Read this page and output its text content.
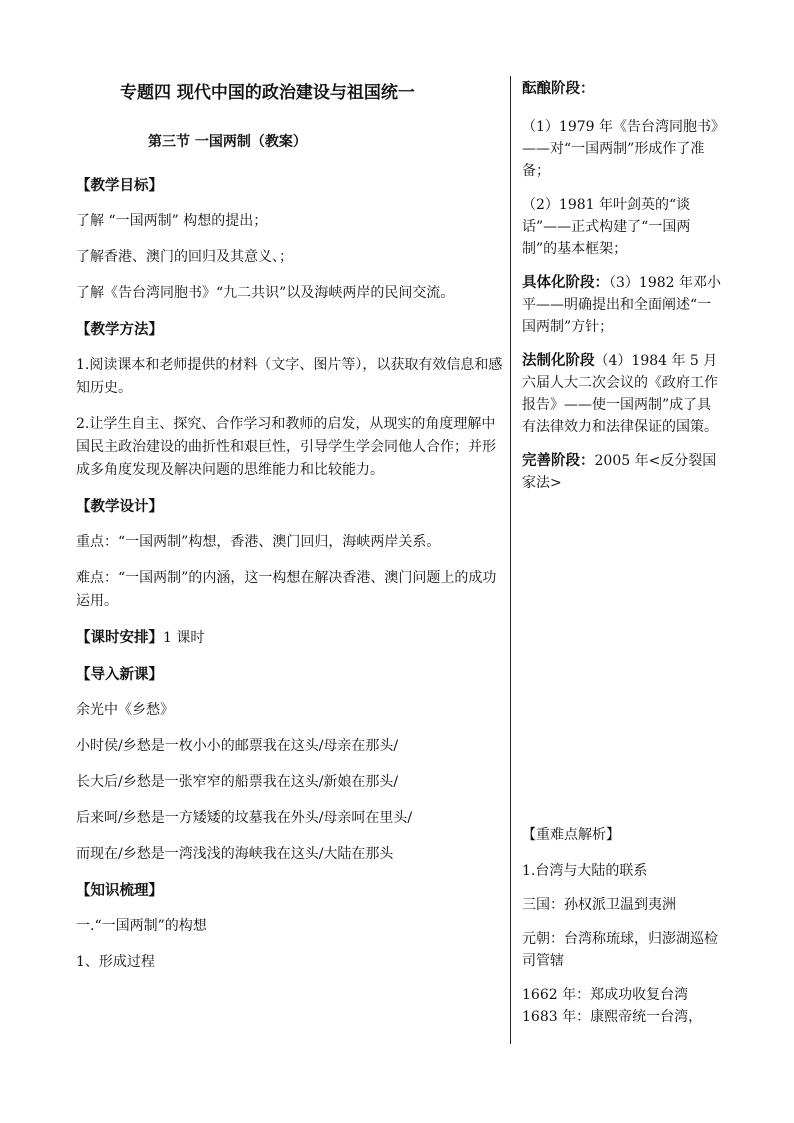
专题四 现代中国的政治建设与祖国统一

第三节 一国两制（教案）

【教学目标】

了解 “一国两制” 构想的提出；

了解香港、澳门的回归及其意义、；

了解《告台湾同胞书》“九二共识”以及海峡两岸的民间交流。

【教学方法】

1.阅读课本和老师提供的材料（文字、图片等），以获取有效信息和感知历史。

2.让学生自主、探究、合作学习和教师的启发，从现实的角度理解中国民主政治建设的曲折性和艰巨性，引导学生学会同他人合作；并形成多角度发现及解决问题的思维能力和比较能力。

【教学设计】

重点：“一国两制”构想，香港、澳门回归，海峡两岸关系。

难点：“一国两制”的内涵，这一构想在解决香港、澳门问题上的成功运用。

【课时安排】1 课时

【导入新课】

余光中《乡愁》

小时侯/乡愁是一枚小小的邮票我在这头/母亲在那头/

长大后/乡愁是一张窄窄的船票我在这头/新娘在那头/

后来呵/乡愁是一方矮矮的坟墓我在外头/母亲呵在里头/

而现在/乡愁是一湾浅浅的海峡我在这头/大陆在那头

【知识梳理】

一.“一国两制”的构想

1、形成过程

酝酿阶段：

（1）1979 年《告台湾同胞书》——对“一国两制”形成作了准备；

（2）1981 年叶剑英的“谈话”——正式构建了“一国两制”的基本框架；

具体化阶段：（3）1982 年邓小平——明确提出和全面阐述“一国两制”方针；

法制化阶段（4）1984 年 5 月六届人大二次会议的《政府工作报告》——使一国两制”成了具有法律效力和法律保证的国策。

完善阶段：2005 年<反分裂国家法>

【重难点解析】

1.台湾与大陆的联系

三国：孙权派卫温到夷洲

元朝：台湾称琉球，归澎湖巡检司管辖

1662 年：郑成功收复台湾

1683 年：康熙帝统一台湾，
